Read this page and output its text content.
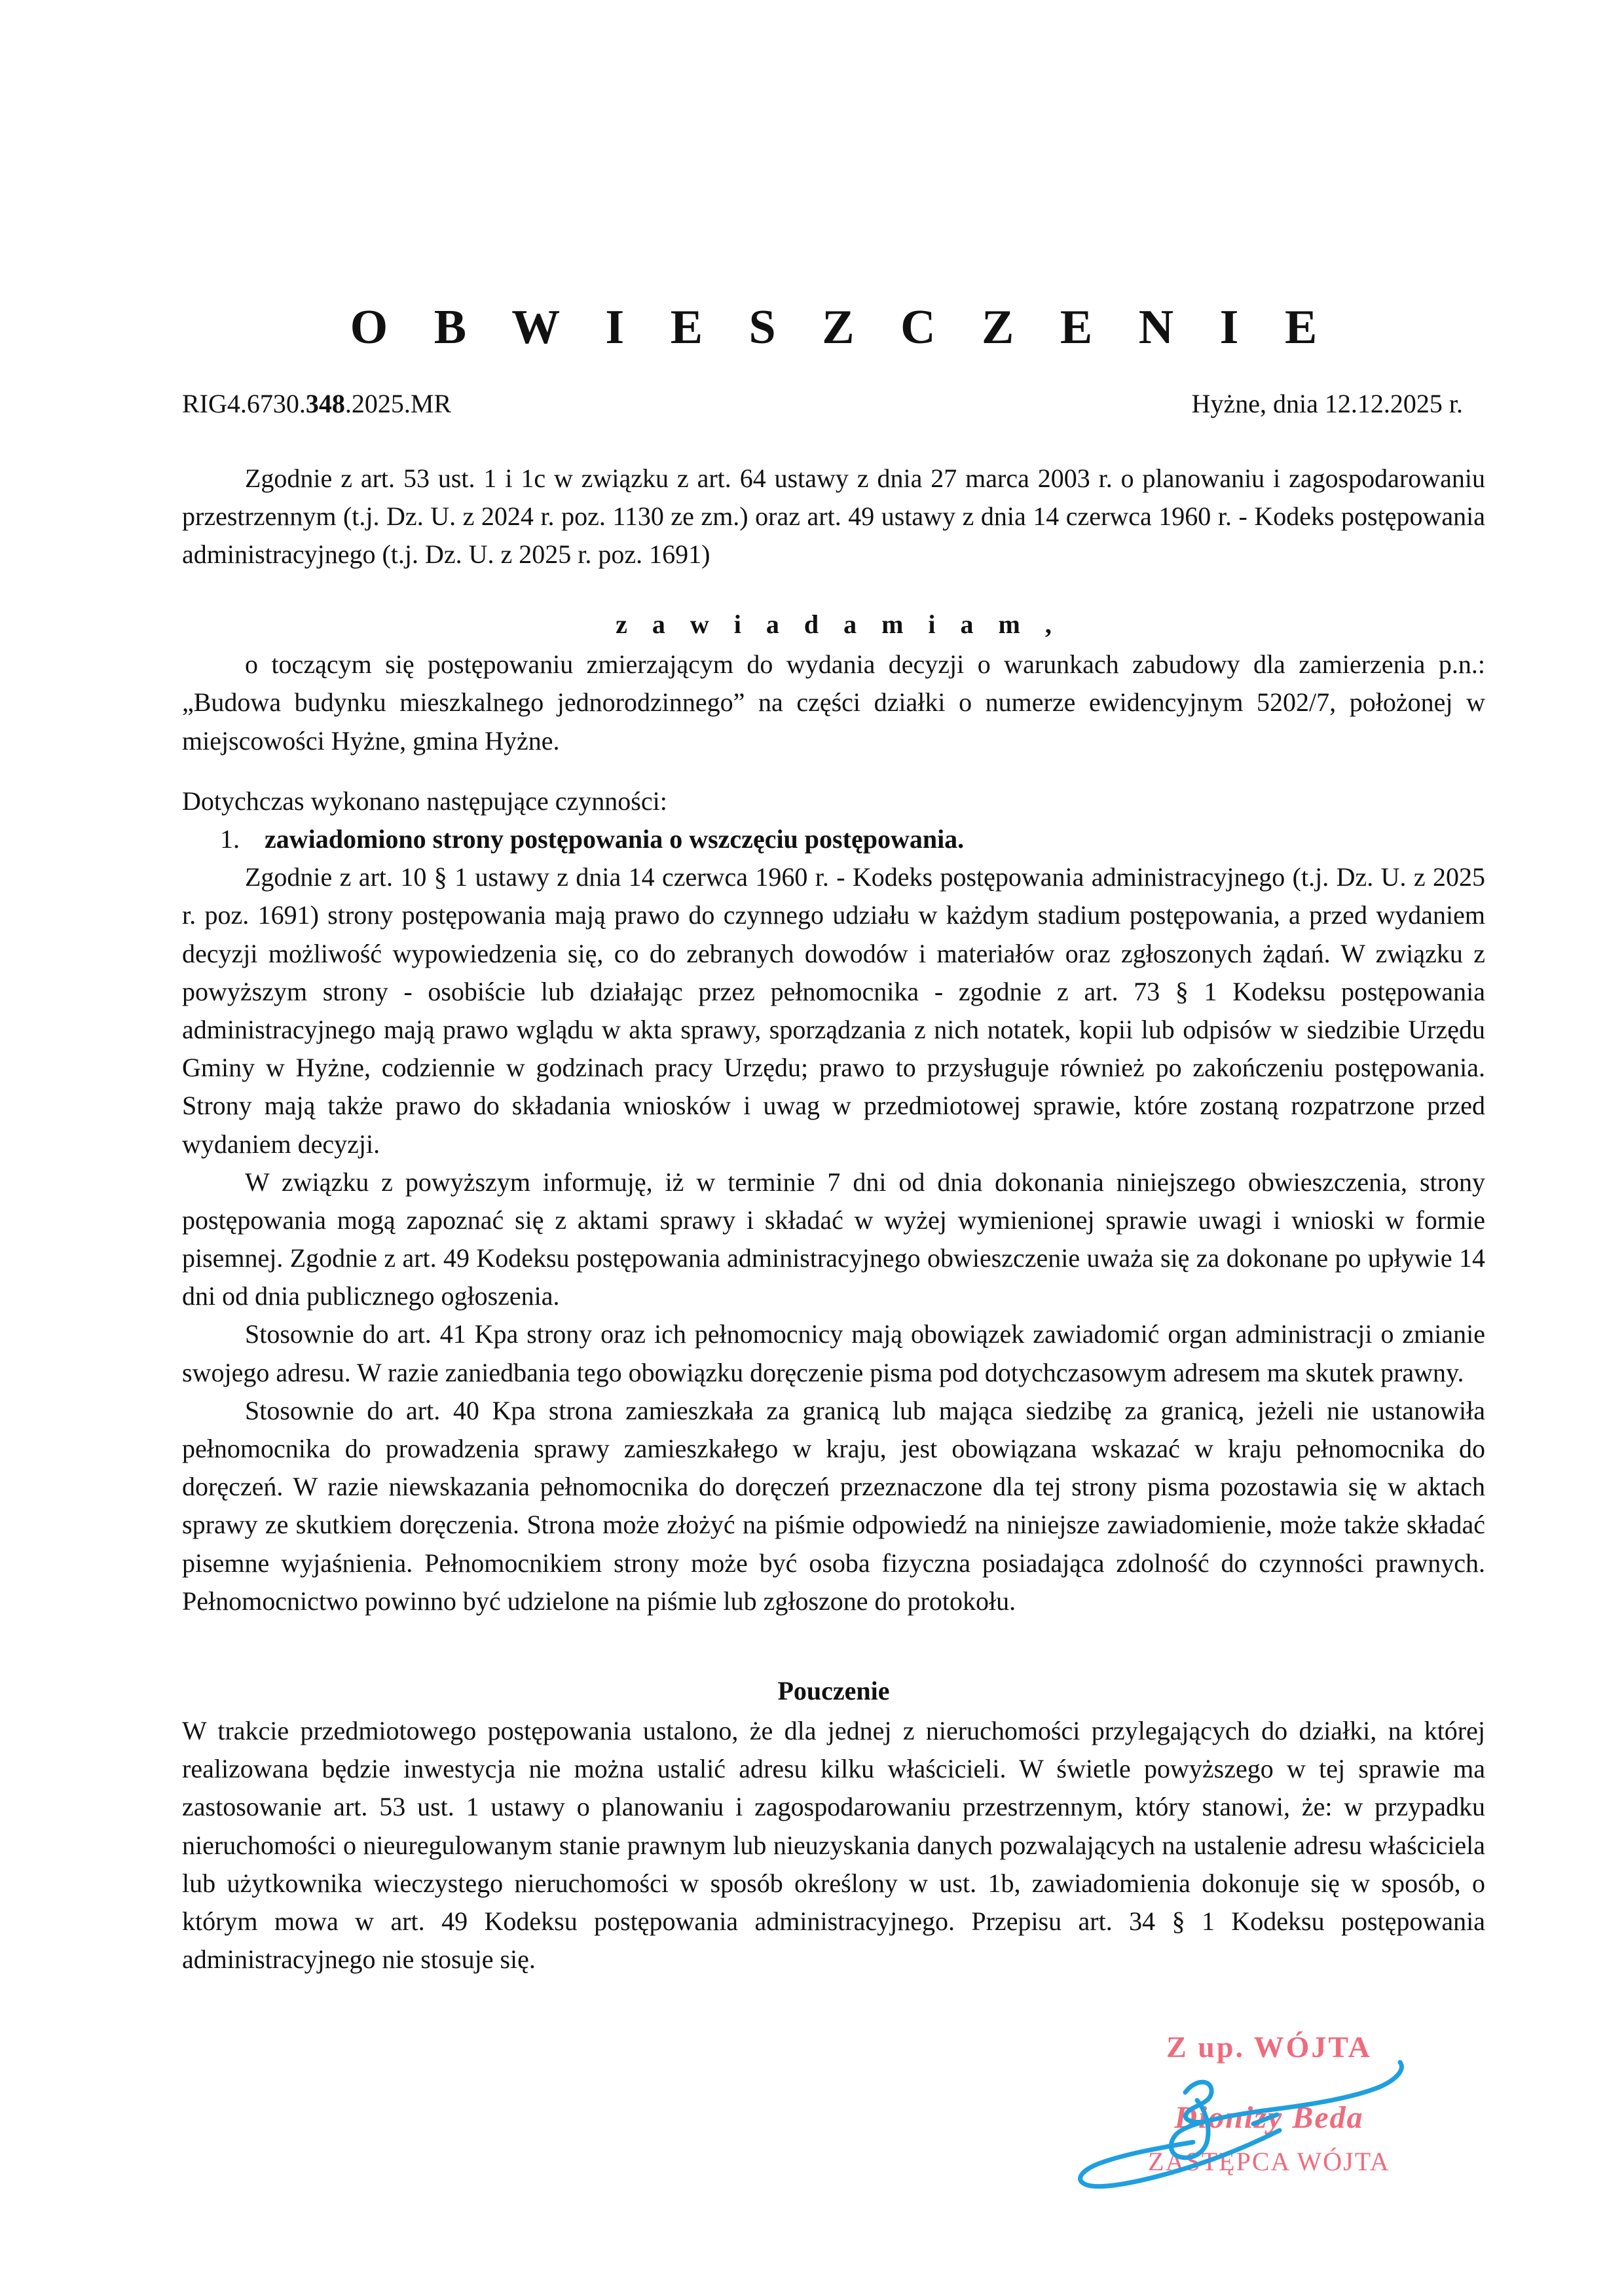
O B W I E S Z C Z E N I E
RIG4.6730.348.2025.MR	Hyżne, dnia 12.12.2025 r.

Zgodnie z art. 53 ust. 1 i 1c w związku z art. 64 ustawy z dnia 27 marca 2003 r. o planowaniu i zagospodarowaniu przestrzennym (t.j. Dz. U. z 2024 r. poz. 1130 ze zm.) oraz art. 49 ustawy z dnia 14 czerwca 1960 r. - Kodeks postępowania administracyjnego (t.j. Dz. U. z 2025 r. poz. 1691)

z a w i a d a m i a m ,

o toczącym się postępowaniu zmierzającym do wydania decyzji o warunkach zabudowy dla zamierzenia p.n.: „Budowa budynku mieszkalnego jednorodzinnego” na części działki o numerze ewidencyjnym 5202/7, położonej w miejscowości Hyżne, gmina Hyżne.

Dotychczas wykonano następujące czynności:

zawiadomiono strony postępowania o wszczęciu postępowania.

Zgodnie z art. 10 § 1 ustawy z dnia 14 czerwca 1960 r. - Kodeks postępowania administracyjnego (t.j. Dz. U. z 2025 r. poz. 1691) strony postępowania mają prawo do czynnego udziału w każdym stadium postępowania, a przed wydaniem decyzji możliwość wypowiedzenia się, co do zebranych dowodów i materiałów oraz zgłoszonych żądań. W związku z powyższym strony - osobiście lub działając przez pełnomocnika - zgodnie z art. 73 § 1 Kodeksu postępowania administracyjnego mają prawo wglądu w akta sprawy, sporządzania z nich notatek, kopii lub odpisów w siedzibie Urzędu Gminy w Hyżne, codziennie w godzinach pracy Urzędu; prawo to przysługuje również po zakończeniu postępowania. Strony mają także prawo do składania wniosków i uwag w przedmiotowej sprawie, które zostaną rozpatrzone przed wydaniem decyzji.

W związku z powyższym informuję, iż w terminie 7 dni od dnia dokonania niniejszego obwieszczenia, strony postępowania mogą zapoznać się z aktami sprawy i składać w wyżej wymienionej sprawie uwagi i wnioski w formie pisemnej. Zgodnie z art. 49 Kodeksu postępowania administracyjnego obwieszczenie uważa się za dokonane po upływie 14 dni od dnia publicznego ogłoszenia.

Stosownie do art. 41 Kpa strony oraz ich pełnomocnicy mają obowiązek zawiadomić organ administracji o zmianie swojego adresu. W razie zaniedbania tego obowiązku doręczenie pisma pod dotychczasowym adresem ma skutek prawny.

Stosownie do art. 40 Kpa strona zamieszkała za granicą lub mająca siedzibę za granicą, jeżeli nie ustanowiła pełnomocnika do prowadzenia sprawy zamieszkałego w kraju, jest obowiązana wskazać w kraju pełnomocnika do doręczeń. W razie niewskazania pełnomocnika do doręczeń przeznaczone dla tej strony pisma pozostawia się w aktach sprawy ze skutkiem doręczenia. Strona może złożyć na piśmie odpowiedź na niniejsze zawiadomienie, może także składać pisemne wyjaśnienia. Pełnomocnikiem strony może być osoba fizyczna posiadająca zdolność do czynności prawnych. Pełnomocnictwo powinno być udzielone na piśmie lub zgłoszone do protokołu.

Pouczenie

W trakcie przedmiotowego postępowania ustalono, że dla jednej z nieruchomości przylegających do działki, na której realizowana będzie inwestycja nie można ustalić adresu kilku właścicieli. W świetle powyższego w tej sprawie ma zastosowanie art. 53 ust. 1 ustawy o planowaniu i zagospodarowaniu przestrzennym, który stanowi, że: w przypadku nieruchomości o nieuregulowanym stanie prawnym lub nieuzyskania danych pozwalających na ustalenie adresu właściciela lub użytkownika wieczystego nieruchomości w sposób określony w ust. 1b, zawiadomienia dokonuje się w sposób, o którym mowa w art. 49 Kodeksu postępowania administracyjnego. Przepisu art. 34 § 1 Kodeksu postępowania administracyjnego nie stosuje się.

Z up. WÓJTA
Dionizy Beda
ZASTĘPCA WÓJTA
